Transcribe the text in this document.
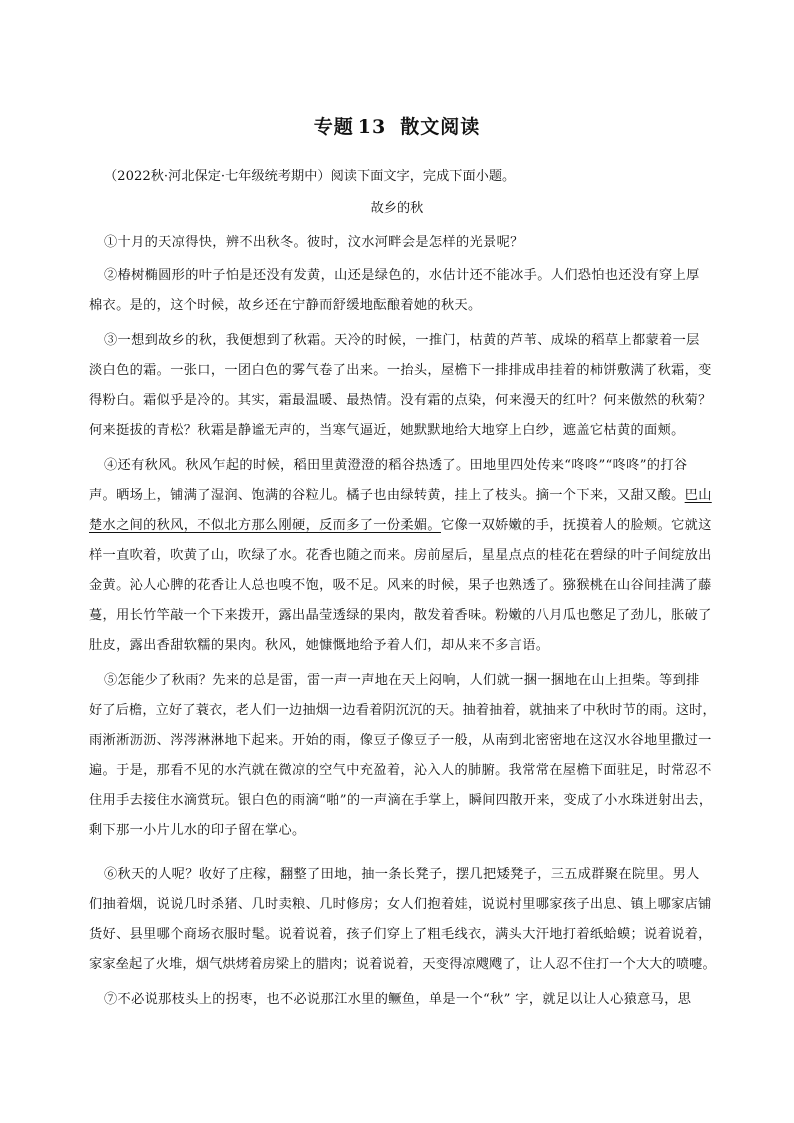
专题 13 散文阅读
（2022秋·河北保定·七年级统考期中）阅读下面文字，完成下面小题。
故乡的秋
①十月的天凉得快，辨不出秋冬。彼时，汶水河畔会是怎样的光景呢？
②椿树椭圆形的叶子怕是还没有发黄，山还是绿色的，水估计还不能冰手。人们恐怕也还没有穿上厚
棉衣。是的，这个时候，故乡还在宁静而舒缓地酝酿着她的秋天。
③一想到故乡的秋，我便想到了秋霜。天冷的时候，一推门，枯黄的芦苇、成垛的稻草上都蒙着一层
淡白色的霜。一张口，一团白色的雾气卷了出来。一抬头，屋檐下一排排成串挂着的柿饼敷满了秋霜，变
得粉白。霜似乎是冷的。其实，霜最温暖、最热情。没有霜的点染，何来漫天的红叶？何来傲然的秋菊？
何来挺拔的青松？秋霜是静谧无声的，当寒气逼近，她默默地给大地穿上白纱，遮盖它枯黄的面颊。
④还有秋风。秋风乍起的时候，稻田里黄澄澄的稻谷热透了。田地里四处传来“咚咚”“咚咚”的打谷
声。晒场上，铺满了湿润、饱满的谷粒儿。橘子也由绿转黄，挂上了枝头。摘一个下来，又甜又酸。巴山
楚水之间的秋风，不似北方那么刚硬，反而多了一份柔媚。它像一双娇嫩的手，抚摸着人的脸颊。它就这
样一直吹着，吹黄了山，吹绿了水。花香也随之而来。房前屋后，星星点点的桂花在碧绿的叶子间绽放出
金黄。沁人心脾的花香让人总也嗅不饱，吸不足。风来的时候，果子也熟透了。猕猴桃在山谷间挂满了藤
蔓，用长竹竿敲一个下来拨开，露出晶莹透绿的果肉，散发着香味。粉嫩的八月瓜也憋足了劲儿，胀破了
肚皮，露出香甜软糯的果肉。秋风，她慷慨地给予着人们，却从来不多言语。
⑤怎能少了秋雨？先来的总是雷，雷一声一声地在天上闷响，人们就一捆一捆地在山上担柴。等到排
好了后檐，立好了蓑衣，老人们一边抽烟一边看着阴沉沉的天。抽着抽着，就抽来了中秋时节的雨。这时，
雨淅淅沥沥、涔涔淋淋地下起来。开始的雨，像豆子像豆子一般，从南到北密密地在这汉水谷地里撒过一
遍。于是，那看不见的水汽就在微凉的空气中充盈着，沁入人的肺腑。我常常在屋檐下面驻足，时常忍不
住用手去接住水滴赏玩。银白色的雨滴“啪”的一声滴在手掌上，瞬间四散开来，变成了小水珠迸射出去，
剩下那一小片儿水的印子留在掌心。
⑥秋天的人呢？收好了庄稼，翻整了田地，抽一条长凳子，摆几把矮凳子，三五成群聚在院里。男人
们抽着烟，说说几时杀猪、几时卖粮、几时修房；女人们抱着娃，说说村里哪家孩子出息、镇上哪家店铺
货好、县里哪个商场衣服时髦。说着说着，孩子们穿上了粗毛线衣，满头大汗地打着纸蛤蟆；说着说着，
家家垒起了火堆，烟气烘烤着房梁上的腊肉；说着说着，天变得凉飕飕了，让人忍不住打一个大大的喷嚏。
⑦不必说那枝头上的拐枣，也不必说那江水里的鳜鱼，单是一个“秋” 字，就足以让人心猿意马，思
